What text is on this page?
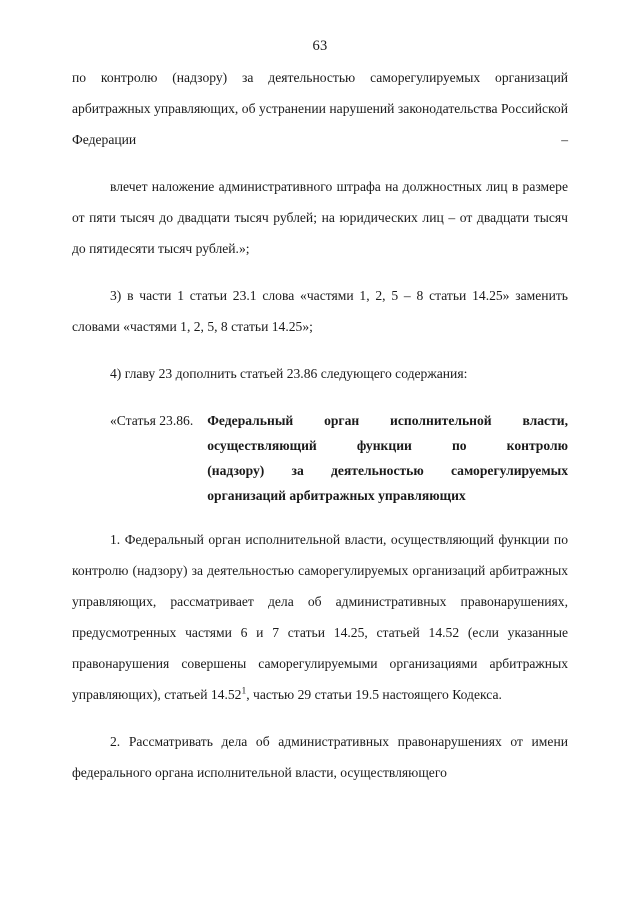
63

по контролю (надзору) за деятельностью саморегулируемых организаций арбитражных управляющих, об устранении нарушений законодательства Российской Федерации –

влечет наложение административного штрафа на должностных лиц в размере от пяти тысяч до двадцати тысяч рублей; на юридических лиц – от двадцати тысяч до пятидесяти тысяч рублей.»;

3) в части 1 статьи 23.1 слова «частями 1, 2, 5 – 8 статьи 14.25» заменить словами «частями 1, 2, 5, 8 статьи 14.25»;

4) главу 23 дополнить статьей 23.86 следующего содержания:

«Статья 23.86. Федеральный орган исполнительной власти,
осуществляющий функции по контролю
(надзору) за деятельностью саморегулируемых
организаций арбитражных управляющих

1. Федеральный орган исполнительной власти, осуществляющий функции по контролю (надзору) за деятельностью саморегулируемых организаций арбитражных управляющих, рассматривает дела об административных правонарушениях, предусмотренных частями 6 и 7 статьи 14.25, статьей 14.52 (если указанные правонарушения совершены саморегулируемыми организациями арбитражных управляющих), статьей 14.52$^1$, частью 29 статьи 19.5 настоящего Кодекса.

2. Рассматривать дела об административных правонарушениях от имени федерального органа исполнительной власти, осуществляющего
